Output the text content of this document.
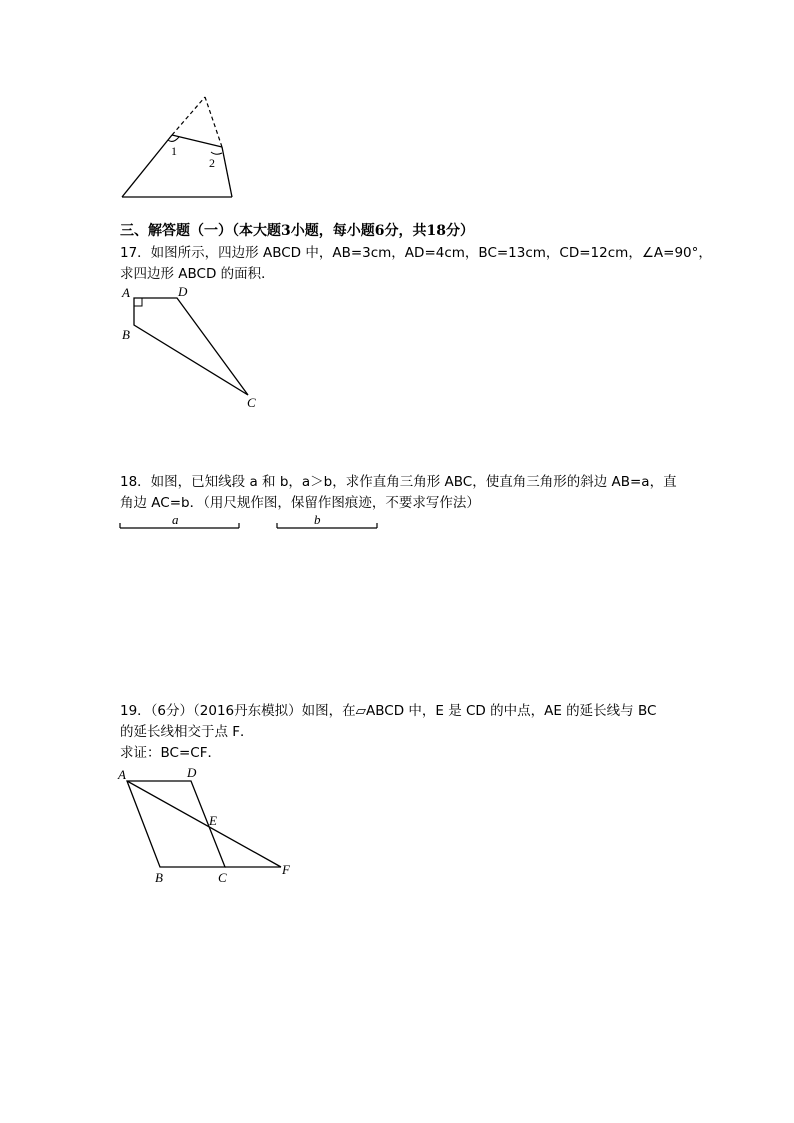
1
2
三、解答题（一）（本大题3小题，每小题6分，共18分）
17．如图所示，四边形 ABCD 中，AB=3cm，AD=4cm，BC=13cm，CD=12cm，∠A=90°，
求四边形 ABCD 的面积．
A	D
B
C
18．如图，已知线段 a 和 b，a＞b，求作直角三角形 ABC，使直角三角形的斜边 AB=a，直
角边 AC=b．（用尺规作图，保留作图痕迹，不要求写作法）
a	b
19．（6分）（2016丹东模拟）如图，在▱ABCD 中，E 是 CD 的中点，AE 的延长线与 BC
的延长线相交于点 F．
求证：BC=CF．
A	D
E
B	C
F
